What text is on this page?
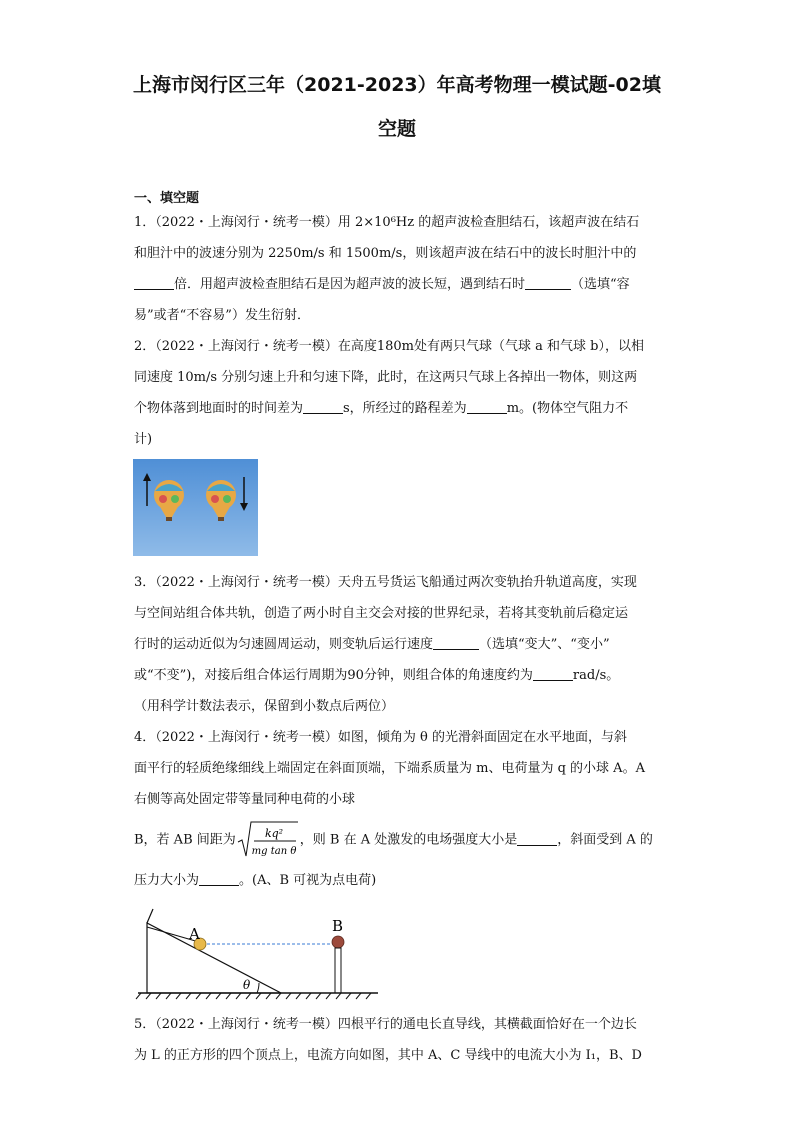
上海市闵行区三年（2021-2023）年高考物理一模试题-02填
空题
一、填空题
1．（2022・上海闵行・统考一模）用 2×10⁶Hz 的超声波检查胆结石，该超声波在结石
和胆汁中的波速分别为 2250m/s 和 1500m/s，则该超声波在结石中的波长时胆汁中的
倍．用超声波检查胆结石是因为超声波的波长短，遇到结石时	（选填“容
易”或者“不容易”）发生衍射．
2．（2022・上海闵行・统考一模）在高度180m处有两只气球（气球 a 和气球 b），以相
同速度 10m/s 分别匀速上升和匀速下降，此时，在这两只气球上各掉出一物体，则这两
个物体落到地面时的时间差为	s，所经过的路程差为	m。(物体空气阻力不
计)
3．（2022・上海闵行・统考一模）天舟五号货运飞船通过两次变轨抬升轨道高度，实现
与空间站组合体共轨，创造了两小时自主交会对接的世界纪录，若将其变轨前后稳定运
行时的运动近似为匀速圆周运动，则变轨后运行速度	（选填“变大”、“变小”
或“不变”)，对接后组合体运行周期为90分钟，则组合体的角速度约为	rad/s。
（用科学计数法表示，保留到小数点后两位）
4．（2022・上海闵行・统考一模）如图，倾角为 θ 的光滑斜面固定在水平地面，与斜
面平行的轻质绝缘细线上端固定在斜面顶端，下端系质量为 m、电荷量为 q 的小球 A。A
右侧等高处固定带等量同种电荷的小球
B，若 AB 间距为	kq²
mg tan θ
，则 B 在 A 处激发的电场强度大小是	，斜面受到 A 的
压力大小为	。(A、B 可视为点电荷)
A	B
θ
5．（2022・上海闵行・统考一模）四根平行的通电长直导线，其横截面恰好在一个边长
为 L 的正方形的四个顶点上，电流方向如图，其中 A、C 导线中的电流大小为 I₁，B、D
